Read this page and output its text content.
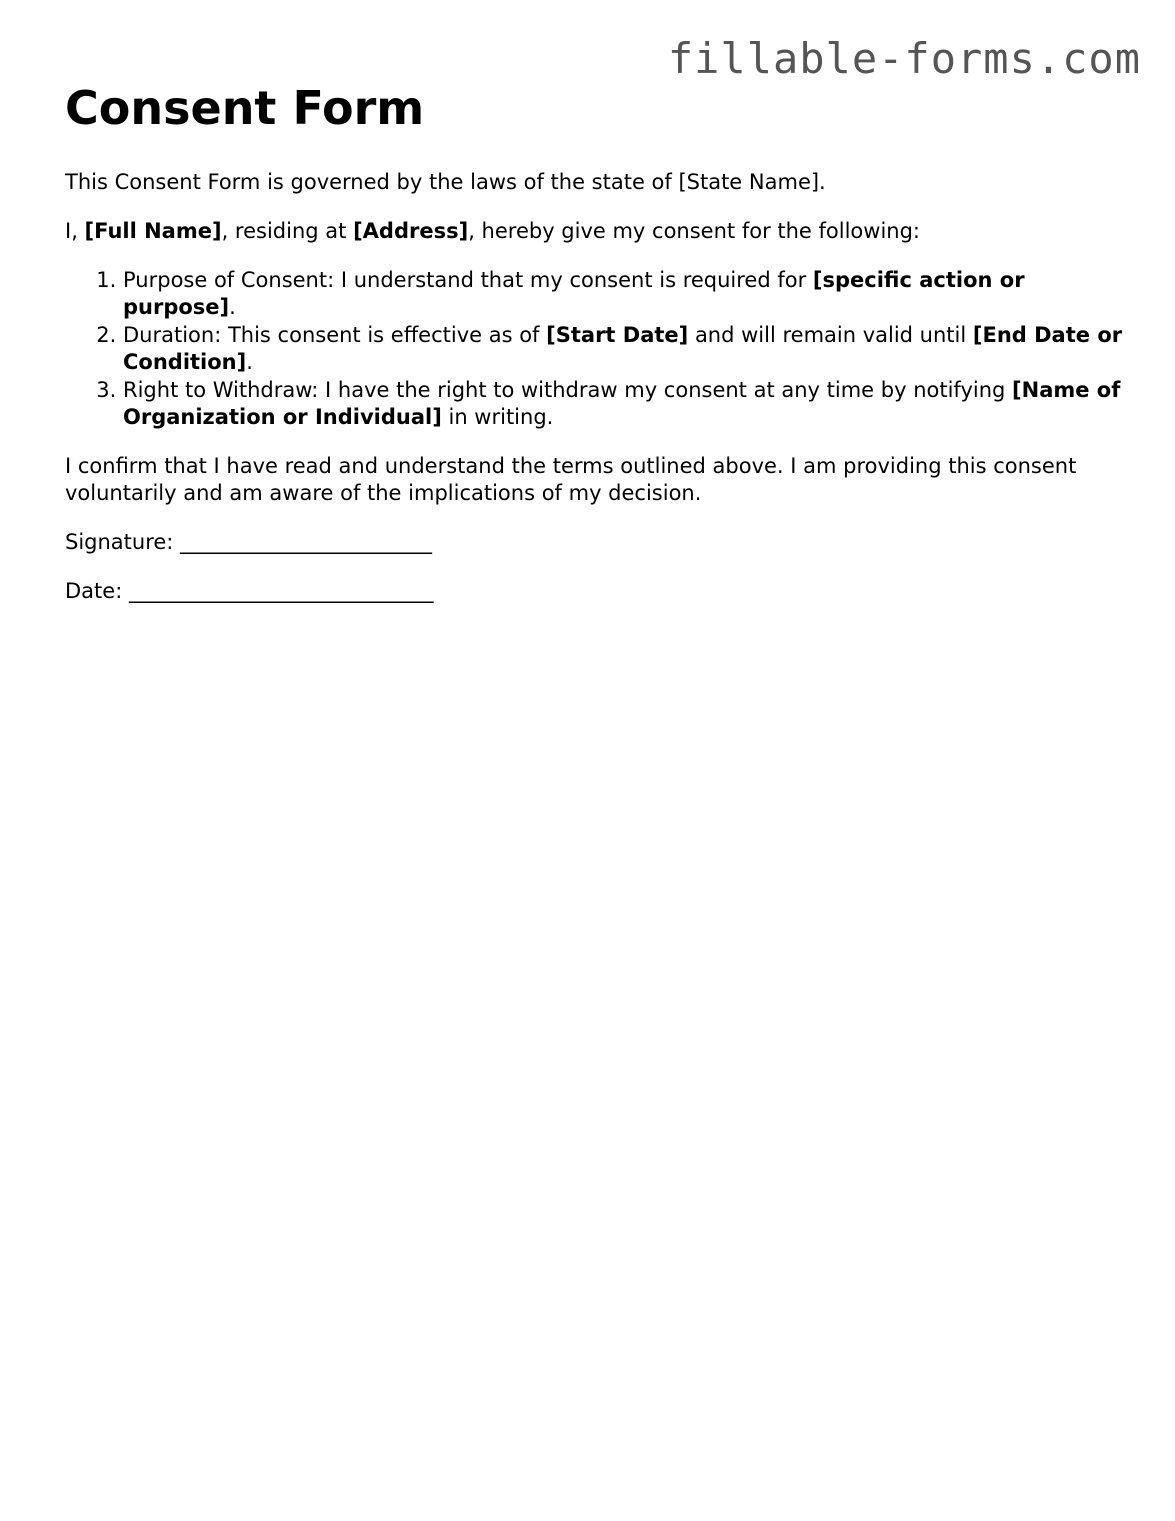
fillable-forms.com
Consent Form

This Consent Form is governed by the laws of the state of [State Name].

I, [Full Name], residing at [Address], hereby give my consent for the following:

1. Purpose of Consent: I understand that my consent is required for [specific action or purpose].
2. Duration: This consent is effective as of [Start Date] and will remain valid until [End Date or Condition].
3. Right to Withdraw: I have the right to withdraw my consent at any time by notifying [Name of Organization or Individual] in writing.

I confirm that I have read and understand the terms outlined above. I am providing this consent voluntarily and am aware of the implications of my decision.

Signature: ________________________

Date: _____________________________
